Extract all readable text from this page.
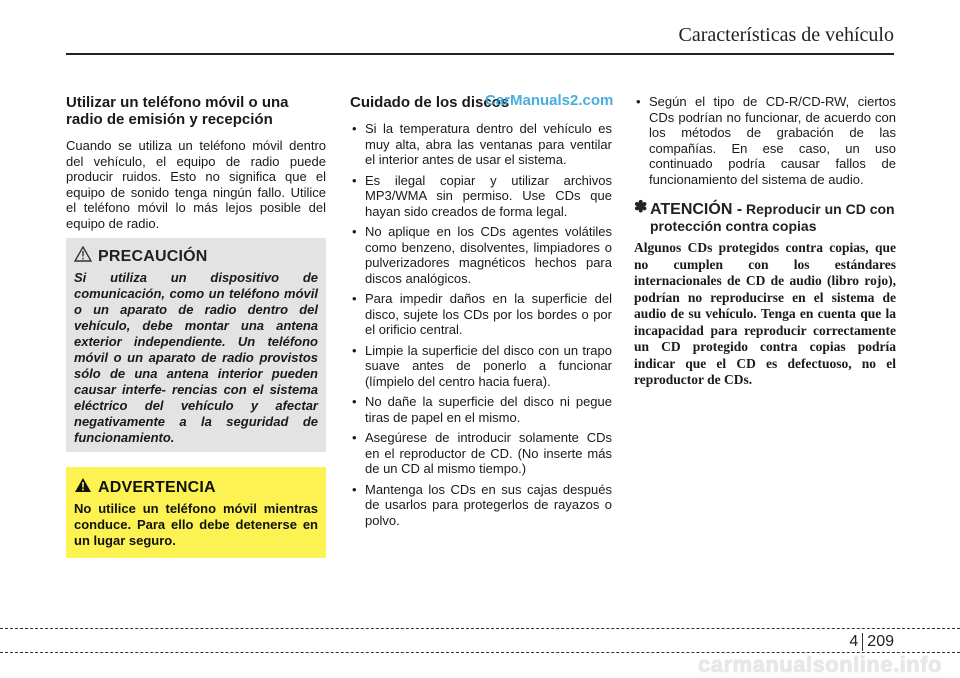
Características de vehículo
Utilizar un teléfono móvil o una radio de emisión y recepción

Cuando se utiliza un teléfono móvil dentro del vehículo, el equipo de radio puede producir ruidos. Esto no significa que el equipo de sonido tenga ningún fallo. Utilice el teléfono móvil lo más lejos posible del equipo de radio.

PRECAUCIÓN

Si utiliza un dispositivo de comunicación, como un teléfono móvil o un aparato de radio dentro del vehículo, debe montar una antena exterior independiente. Un teléfono móvil o un aparato de radio provistos sólo de una antena interior pueden causar interfe- rencias con el sistema eléctrico del vehículo y afectar negativamente a la seguridad de funcionamiento.

ADVERTENCIA

No utilice un teléfono móvil mientras conduce. Para ello debe detenerse en un lugar seguro.

Cuidado de los discos
• Si la temperatura dentro del vehículo es muy alta, abra las ventanas para ventilar el interior antes de usar el sistema.
• Es ilegal copiar y utilizar archivos MP3/WMA sin permiso. Use CDs que hayan sido creados de forma legal.
• No aplique en los CDs agentes volátiles como benzeno, disolventes, limpiadores o pulverizadores magnéticos hechos para discos analógicos.
• Para impedir daños en la superficie del disco, sujete los CDs por los bordes o por el orificio central.
• Limpie la superficie del disco con un trapo suave antes de ponerlo a funcionar (límpielo del centro hacia fuera).
• No dañe la superficie del disco ni pegue tiras de papel en el mismo.
• Asegúrese de introducir solamente CDs en el reproductor de CD. (No inserte más de un CD al mismo tiempo.)
• Mantenga los CDs en sus cajas después de usarlos para protegerlos de rayazos o polvo.
CarManuals2.com
•	Según el tipo de CD-R/CD-RW, ciertos CDs podrían no funcionar, de acuerdo con los métodos de grabación de las compañías. En ese caso, un uso continuado podría causar fallos de funcionamiento del sistema de audio.
✽ ATENCIÓN - Reproducir un CD con protección contra copias

Algunos CDs protegidos contra copias, que no cumplen con los estándares internacionales de CD de audio (libro rojo), podrían no reproducirse en el sistema de audio de su vehículo. Tenga en cuenta que la incapacidad para reproducir correctamente un CD protegido contra copias podría indicar que el CD es defectuoso, no el reproductor de CDs.

4 209
carmanualsonline.info
